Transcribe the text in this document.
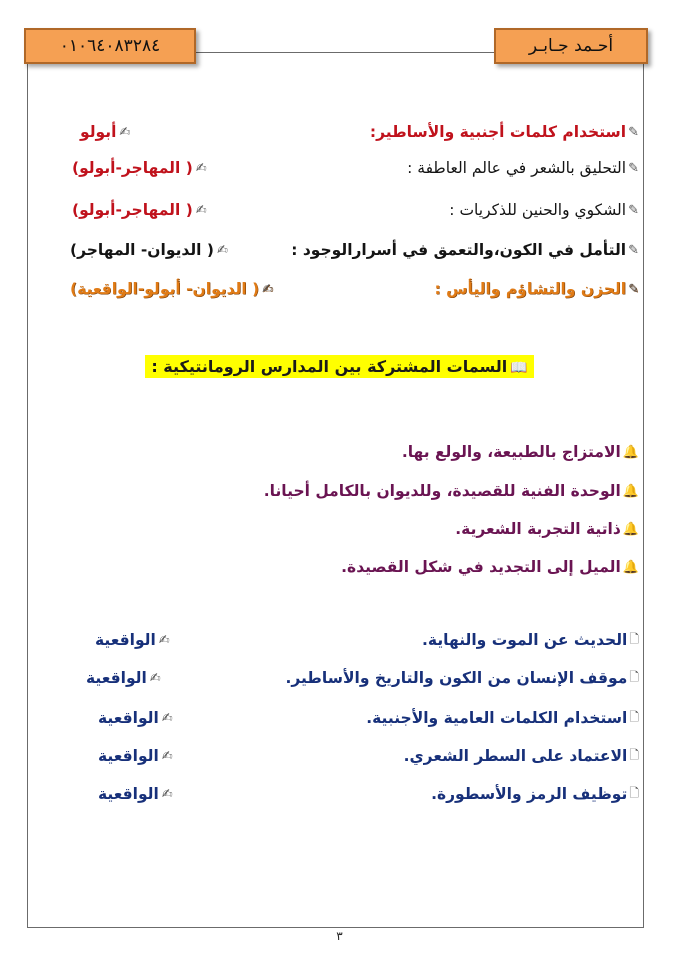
٠١٠٦٤٠٨٣٢٨٤	أحـمد جـابـر
✎
استخدام كلمات أجنبية والأساطير:
✍
أبولو
✎
التحليق بالشعر في عالم العاطفة :
✍
( المهاجر-أبولو)
✎
الشكوي والحنين للذكريات :
✍
( المهاجر-أبولو)
✎
التأمل في الكون،والتعمق في أسرارالوجود :
✍
( الديوان- المهاجر)
✎
الحزن والتشاؤم واليأس :
✍
( الديوان- أبولو-الواقعية)
📖السمات المشتركة بين المدارس الرومانتيكية :
🔔
الامتزاج بالطبيعة، والولع بها.
🔔
الوحدة الفنية للقصيدة، وللديوان بالكامل أحيانا.
🔔
ذاتية التجربة الشعرية.
🔔
الميل إلى التجديد في شكل القصيدة.
🗋
الحديث عن الموت والنهاية.
✍
الواقعية
🗋
موقف الإنسان من الكون والتاريخ والأساطير.
✍
الواقعية
🗋
استخدام الكلمات العامية والأجنبية.
✍
الواقعية
🗋
الاعتماد على السطر الشعري.
✍
الواقعية
🗋
توظيف الرمز والأسطورة.
✍
الواقعية
٣
